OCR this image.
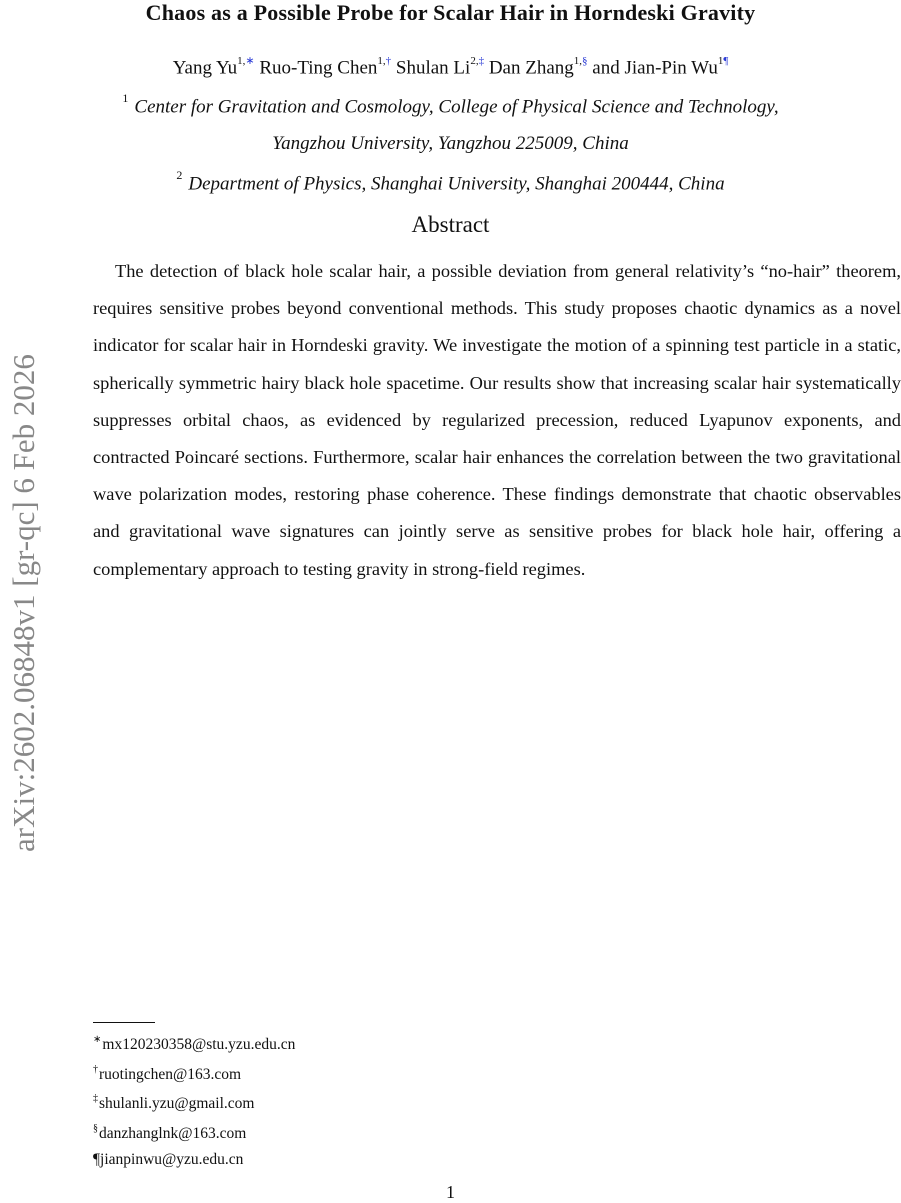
arXiv:2602.06848v1 [gr-qc] 6 Feb 2026
Chaos as a Possible Probe for Scalar Hair in Horndeski Gravity
Yang $Yu^{1,∗}$ Ruo-Ting Chen$^{1,\dagger}$ Shulan $Li^{2,\ddagger}$ Dan Zhang$^{1,\S}$ and Jian-Pin $Wu^{1\P}$
$^1$ Center for Gravitation and Cosmology, College of Physical Science and Technology,
Yangzhou University, Yangzhou 225009, China
$^2$ Department of Physics, Shanghai University, Shanghai 200444, China
Abstract
The detection of black hole scalar hair, a possible deviation from general relativity’s “no-hair” theorem, requires sensitive probes beyond conventional methods. This study proposes chaotic dynamics as a novel indicator for scalar hair in Horndeski gravity. We investigate the motion of a spinning test particle in a static, spherically symmetric hairy black hole spacetime. Our results show that increasing scalar hair systematically suppresses orbital chaos, as evidenced by regularized precession, reduced Lyapunov exponents, and contracted Poincaré sections. Furthermore, scalar hair enhances the correlation between the two gravitational wave polarization modes, restoring phase coherence. These findings demonstrate that chaotic observables and gravitational wave signatures can jointly serve as sensitive probes for black hole hair, offering a complementary approach to testing gravity in strong-field regimes.
∗mx120230358@stu.yzu.edu.cn
†ruotingchen@163.com
‡shulanli.yzu@gmail.com
§danzhanglnk@163.com
¶jianpinwu@yzu.edu.cn
1
